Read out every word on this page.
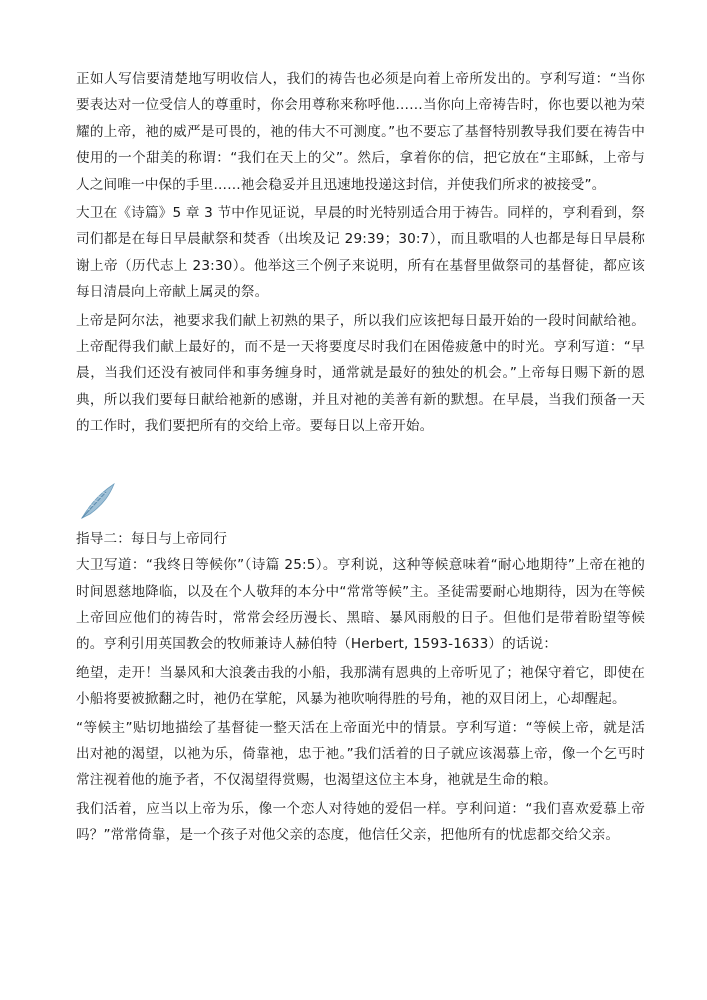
正如人写信要清楚地写明收信人，我们的祷告也必须是向着上帝所发出的。亨利写道：“当你要表达对一位受信人的尊重时，你会用尊称来称呼他……当你向上帝祷告时，你也要以祂为荣耀的上帝，祂的威严是可畏的，祂的伟大不可测度。”也不要忘了基督特别教导我们要在祷告中使用的一个甜美的称谓：“我们在天上的父”。然后，拿着你的信，把它放在“主耶稣，上帝与人之间唯一中保的手里……祂会稳妥并且迅速地投递这封信，并使我们所求的被接受”。

大卫在《诗篇》5 章 3 节中作见证说，早晨的时光特别适合用于祷告。同样的，亨利看到，祭司们都是在每日早晨献祭和焚香（出埃及记 29:39；30:7），而且歌唱的人也都是每日早晨称谢上帝（历代志上 23:30）。他举这三个例子来说明，所有在基督里做祭司的基督徒，都应该每日清晨向上帝献上属灵的祭。

上帝是阿尔法，祂要求我们献上初熟的果子，所以我们应该把每日最开始的一段时间献给祂。上帝配得我们献上最好的，而不是一天将要度尽时我们在困倦疲惫中的时光。亨利写道：“早晨，当我们还没有被同伴和事务缠身时，通常就是最好的独处的机会。”上帝每日赐下新的恩典，所以我们要每日献给祂新的感谢，并且对祂的美善有新的默想。在早晨，当我们预备一天的工作时，我们要把所有的交给上帝。要每日以上帝开始。

指导二：每日与上帝同行

大卫写道：“我终日等候你”（诗篇 25:5）。亨利说，这种等候意味着“耐心地期待”上帝在祂的时间恩慈地降临，以及在个人敬拜的本分中“常常等候”主。圣徒需要耐心地期待，因为在等候上帝回应他们的祷告时，常常会经历漫长、黑暗、暴风雨般的日子。但他们是带着盼望等候的。亨利引用英国教会的牧师兼诗人赫伯特（Herbert, 1593-1633）的话说：

绝望，走开！当暴风和大浪袭击我的小船，我那满有恩典的上帝听见了；祂保守着它，即使在小船将要被掀翻之时，祂仍在掌舵，风暴为祂吹响得胜的号角，祂的双目闭上，心却醒起。

“等候主”贴切地描绘了基督徒一整天活在上帝面光中的情景。亨利写道：“等候上帝，就是活出对祂的渴望，以祂为乐，倚靠祂，忠于祂。”我们活着的日子就应该渴慕上帝，像一个乞丐时常注视着他的施予者，不仅渴望得赏赐，也渴望这位主本身，祂就是生命的粮。

我们活着，应当以上帝为乐，像一个恋人对待她的爱侣一样。亨利问道：“我们喜欢爱慕上帝吗？”常常倚靠，是一个孩子对他父亲的态度，他信任父亲，把他所有的忧虑都交给父亲。
